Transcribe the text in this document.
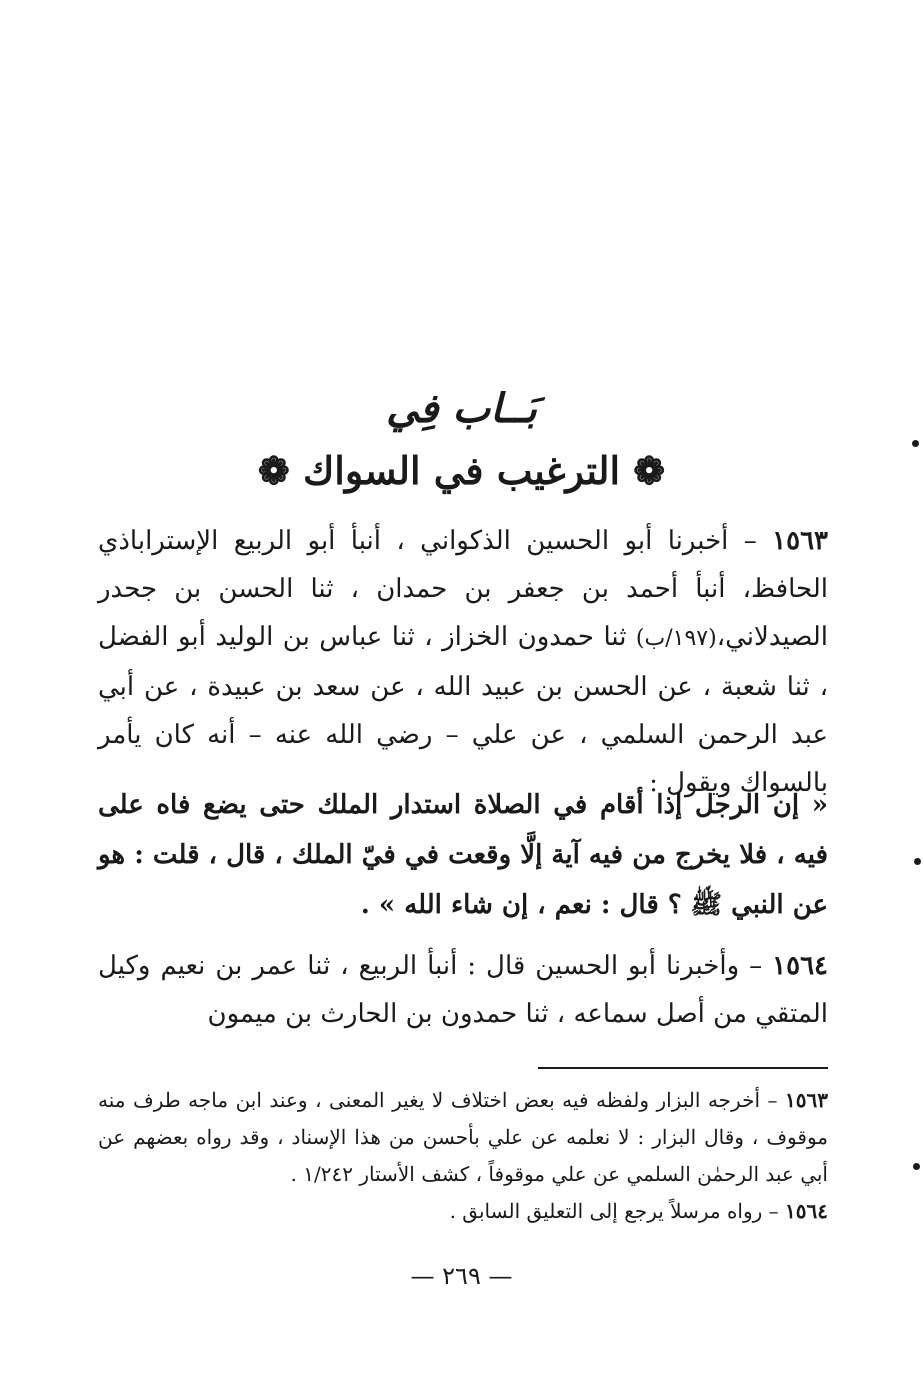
بَــاب فِي
❁ الترغيب في السواك ❁
١٥٦٣ – أخبرنا أبو الحسين الذكواني ، أنبأ أبو الربيع الإستراباذي الحافظ، أنبأ أحمد بن جعفر بن حمدان ، ثنا الحسن بن جحدر الصيدلاني،(١٩٧/ب) ثنا حمدون الخزاز ، ثنا عباس بن الوليد أبو الفضل ، ثنا شعبة ، عن الحسن بن عبيد الله ، عن سعد بن عبيدة ، عن أبي عبد الرحمن السلمي ، عن علي – رضي الله عنه – أنه كان يأمر بالسواك ويقول :
« إن الرجل إذا أقام في الصلاة استدار الملك حتى يضع فاه على فيه ، فلا يخرج من فيه آية إلَّا وقعت في فيّ الملك ، قال ، قلت : هو عن النبي ﷺ ؟ قال : نعم ، إن شاء الله » .
١٥٦٤ – وأخبرنا أبو الحسين قال : أنبأ الربيع ، ثنا عمر بن نعيم وكيل المتقي من أصل سماعه ، ثنا حمدون بن الحارث بن ميمون

١٥٦٣ – أخرجه البزار ولفظه فيه بعض اختلاف لا يغير المعنى ، وعند ابن ماجه طرف منه موقوف ، وقال البزار : لا نعلمه عن علي بأحسن من هذا الإسناد ، وقد رواه بعضهم عن أبي عبد الرحمٰن السلمي عن علي موقوفاً ، كشف الأستار ١/٢٤٢ .

١٥٦٤ – رواه مرسلاً يرجع إلى التعليق السابق .

— ٢٦٩ —
